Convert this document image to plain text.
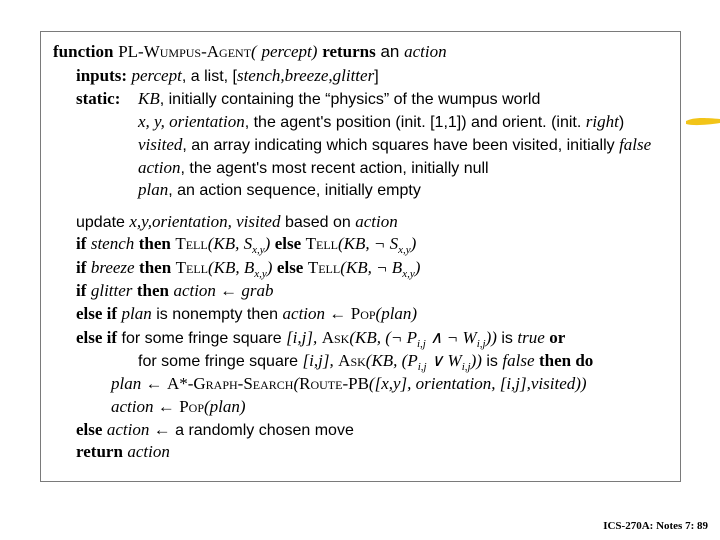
function PL-Wumpus-Agent( percept) returns an action
inputs: percept, a list, [stench,breeze,glitter]
static: KB, initially containing the “physics” of the wumpus world
x, y, orientation, the agent's position (init. [1,1]) and orient. (init. right)
visited, an array indicating which squares have been visited, initially false
action, the agent's most recent action, initially null
plan, an action sequence, initially empty
update x,y,orientation, visited based on action
if stench then Tell(KB, $S_{x,y}$) else Tell(KB, ¬ $S_{x,y}$)
if breeze then Tell(KB, $B_{x,y}$) else Tell(KB, ¬ $B_{x,y}$)
if glitter then action ← grab
else if plan is nonempty then action ← Pop(plan)
else if for some fringe square [i,j], Ask(KB, (¬ $P_{i,j}$ ∧ ¬ $W_{i,j}$)) is true or
for some fringe square [i,j], Ask(KB, ($P_{i,j}$ ∨ $W_{i,j}$)) is false then do
plan ← A*-Graph-Search(Route-PB([x,y], orientation, [i,j],visited))
action ← Pop(plan)
else action ← a randomly chosen move
return action
ICS-270A: Notes 7: 89
